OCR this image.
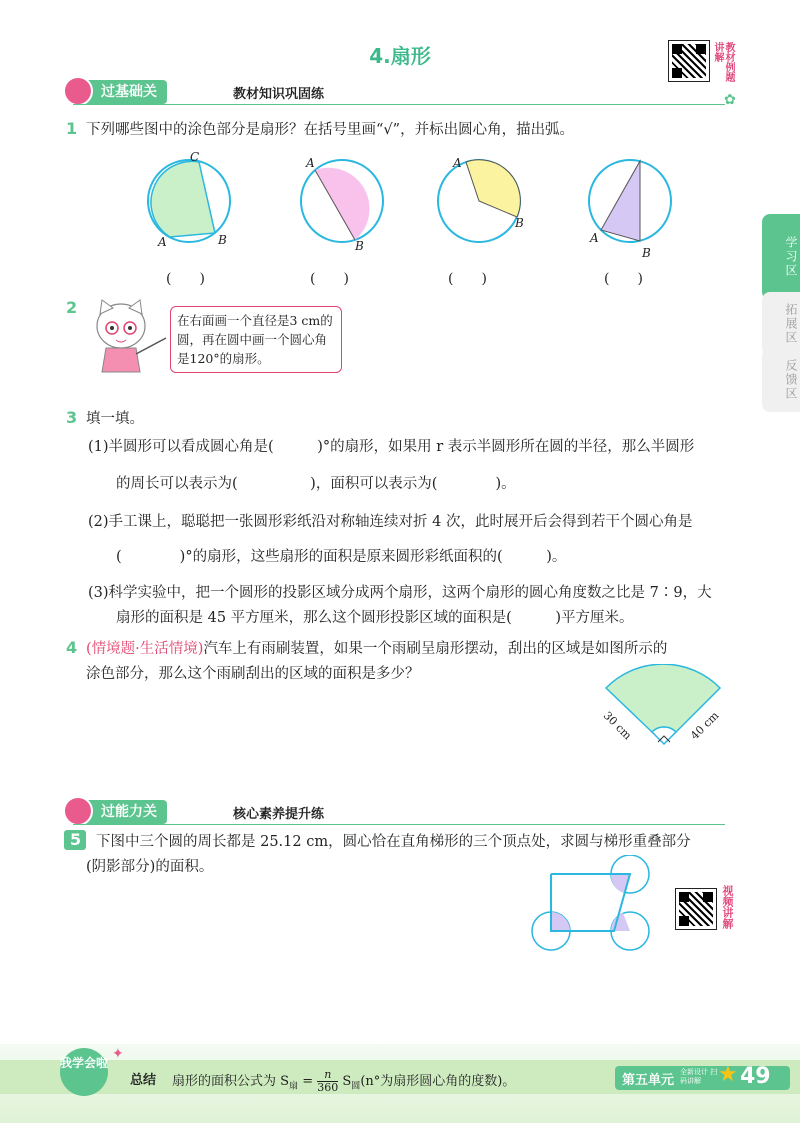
4.扇形	教材例题讲解
过基础关	教材知识巩固练	✿
学习区
拓展区
反馈区
1 下列哪些图中的涂色部分是扇形？在括号里画“√”，并标出圆心角，描出弧。
C
A	B
A
B
A
B
A
B
(　　)	(　　)	(　　)	(　　)
2
在右面画一个直径是3 cm的圆，再在圆中画一个圆心角是120°的扇形。
3 填一填。
(1)半圆形可以看成圆心角是(　　　)°的扇形，如果用 r 表示半圆形所在圆的半径，那么半圆形
的周长可以表示为(　　　　　)，面积可以表示为(　　　　)。
(2)手工课上，聪聪把一张圆形彩纸沿对称轴连续对折 4 次，此时展开后会得到若干个圆心角是
(　　　　)°的扇形，这些扇形的面积是原来圆形彩纸面积的(　　　)。
(3)科学实验中，把一个圆形的投影区域分成两个扇形，这两个扇形的圆心角度数之比是 7∶9，大
扇形的面积是 45 平方厘米，那么这个圆形投影区域的面积是(　　　)平方厘米。
4 (情境题·生活情境)汽车上有雨刷装置，如果一个雨刷呈扇形摆动，刮出的区域是如图所示的
涂色部分，那么这个雨刷刮出的区域的面积是多少？
30 cm	40 cm
过能力关	核心素养提升练
5 下图中三个圆的周长都是 25.12 cm，圆心恰在直角梯形的三个顶点处，求圆与梯形重叠部分
(阴影部分)的面积。
视频讲解
我学会啦
✦
总结 扇形的面积公式为 $S_扇 = \frac{n}{360} S_圆(n^\circ$为扇形圆心角的度数)。	第五单元
全新设计 扫码讲解 ★ 49
